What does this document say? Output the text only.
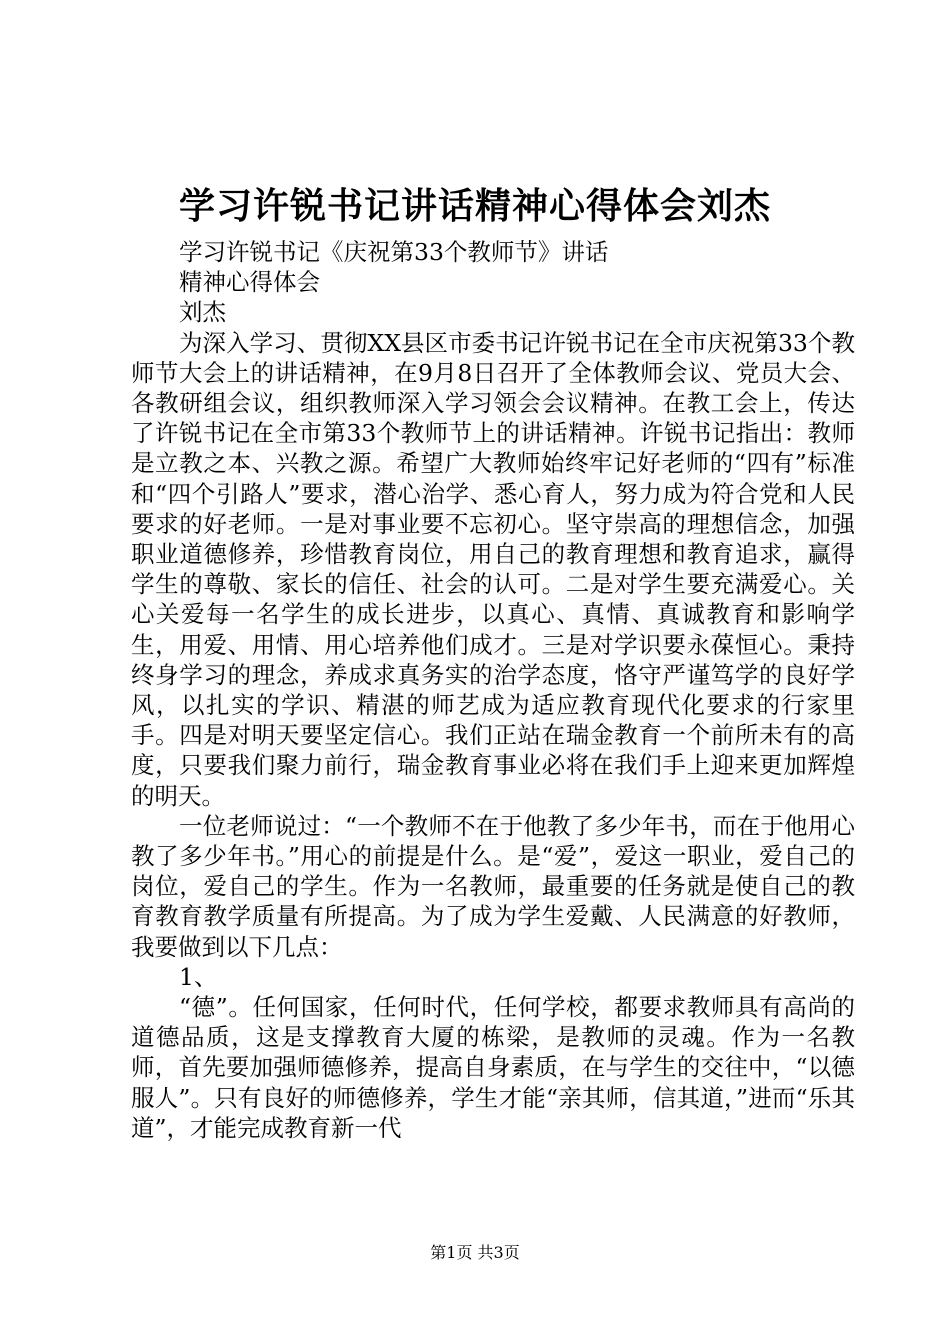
学习许锐书记讲话精神心得体会刘杰

学习许锐书记《庆祝第33个教师节》讲话

精神心得体会

刘杰

为深入学习、贯彻XX县区市委书记许锐书记在全市庆祝第33个教师节大会上的讲话精神，在9月8日召开了全体教师会议、党员大会、各教研组会议，组织教师深入学习领会会议精神。在教工会上，传达了许锐书记在全市第33个教师节上的讲话精神。许锐书记指出：教师是立教之本、兴教之源。希望广大教师始终牢记好老师的“四有”标准和“四个引路人”要求，潜心治学、悉心育人，努力成为符合党和人民要求的好老师。一是对事业要不忘初心。坚守崇高的理想信念，加强职业道德修养，珍惜教育岗位，用自己的教育理想和教育追求，赢得学生的尊敬、家长的信任、社会的认可。二是对学生要充满爱心。关心关爱每一名学生的成长进步，以真心、真情、真诚教育和影响学生，用爱、用情、用心培养他们成才。三是对学识要永葆恒心。秉持终身学习的理念，养成求真务实的治学态度，恪守严谨笃学的良好学风，以扎实的学识、精湛的师艺成为适应教育现代化要求的行家里手。四是对明天要坚定信心。我们正站在瑞金教育一个前所未有的高度，只要我们聚力前行，瑞金教育事业必将在我们手上迎来更加辉煌的明天。

一位老师说过：“一个教师不在于他教了多少年书，而在于他用心教了多少年书。”用心的前提是什么。是“爱”，爱这一职业，爱自己的岗位，爱自己的学生。作为一名教师，最重要的任务就是使自己的教育教育教学质量有所提高。为了成为学生爱戴、人民满意的好教师，我要做到以下几点：

1、

“德”。任何国家，任何时代，任何学校，都要求教师具有高尚的道德品质，这是支撑教育大厦的栋梁，是教师的灵魂。作为一名教师，首先要加强师德修养，提高自身素质，在与学生的交往中，“以德服人”。只有良好的师德修养，学生才能“亲其师，信其道，”进而“乐其道”，才能完成教育新一代

第1页 共3页
